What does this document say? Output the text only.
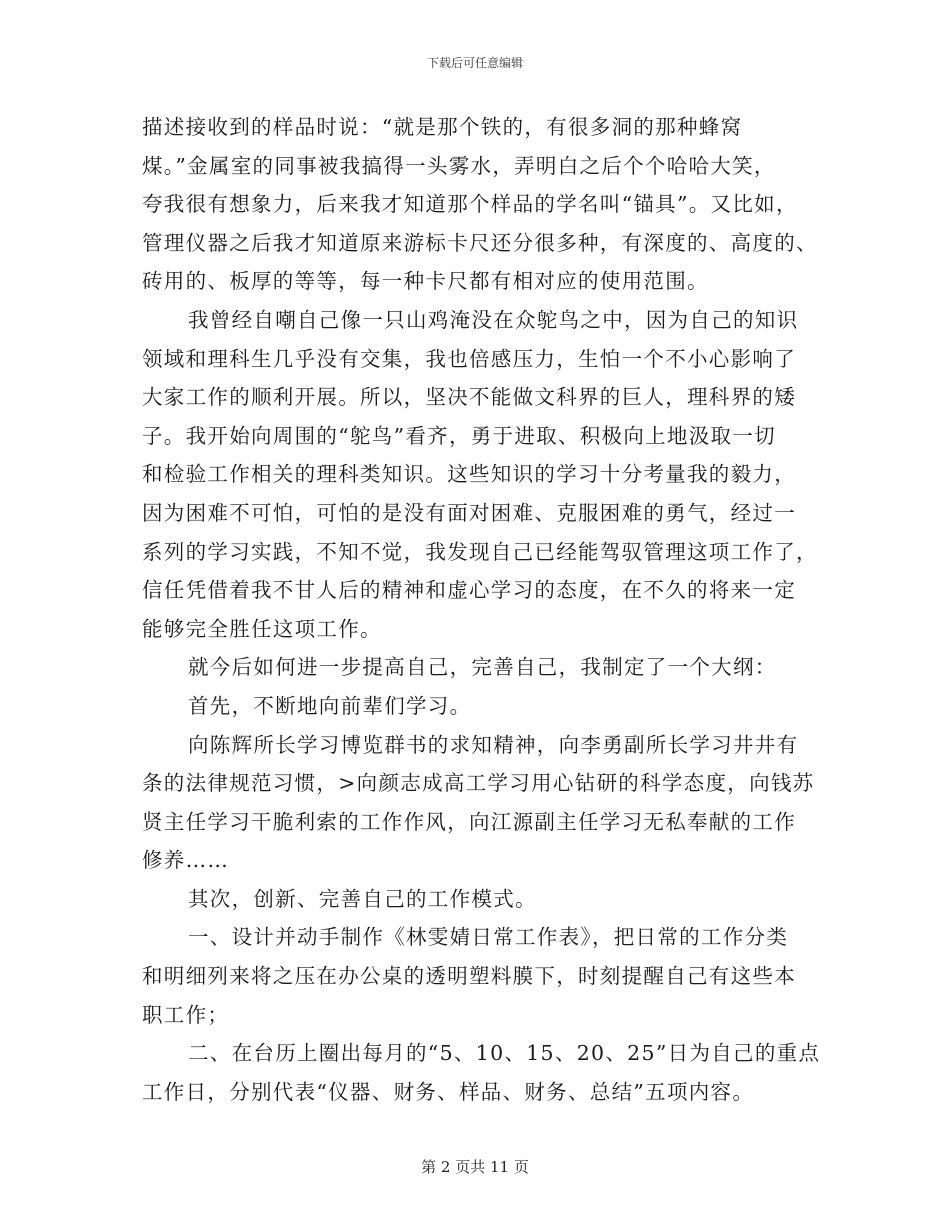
下载后可任意编辑
描述接收到的样品时说：“就是那个铁的，有很多洞的那种蜂窝
煤。”金属室的同事被我搞得一头雾水，弄明白之后个个哈哈大笑，
夸我很有想象力，后来我才知道那个样品的学名叫“锚具”。又比如，
管理仪器之后我才知道原来游标卡尺还分很多种，有深度的、高度的、
砖用的、板厚的等等，每一种卡尺都有相对应的使用范围。
我曾经自嘲自己像一只山鸡淹没在众鸵鸟之中，因为自己的知识
领域和理科生几乎没有交集，我也倍感压力，生怕一个不小心影响了
大家工作的顺利开展。所以，坚决不能做文科界的巨人，理科界的矮
子。我开始向周围的“鸵鸟”看齐，勇于进取、积极向上地汲取一切
和检验工作相关的理科类知识。这些知识的学习十分考量我的毅力，
因为困难不可怕，可怕的是没有面对困难、克服困难的勇气，经过一
系列的学习实践，不知不觉，我发现自己已经能驾驭管理这项工作了，
信任凭借着我不甘人后的精神和虚心学习的态度，在不久的将来一定
能够完全胜任这项工作。
就今后如何进一步提高自己，完善自己，我制定了一个大纲：
首先，不断地向前辈们学习。
向陈辉所长学习博览群书的求知精神，向李勇副所长学习井井有
条的法律规范习惯，>向颜志成高工学习用心钻研的科学态度，向钱苏
贤主任学习干脆利索的工作作风，向江源副主任学习无私奉献的工作
修养……
其次，创新、完善自己的工作模式。
一、设计并动手制作《林雯婧日常工作表》，把日常的工作分类
和明细列来将之压在办公桌的透明塑料膜下，时刻提醒自己有这些本
职工作；
二、在台历上圈出每月的“5、10、15、20、25”日为自己的重点
工作日，分别代表“仪器、财务、样品、财务、总结”五项内容。
第 2 页共 11 页
